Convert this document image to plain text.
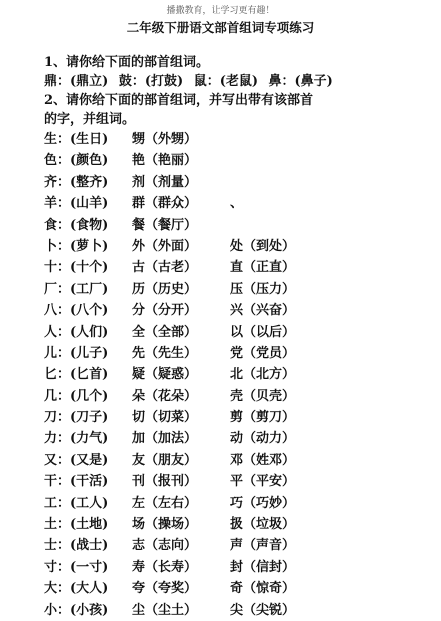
播撒教育，让学习更有趣！
二年级下册语文部首组词专项练习
1、请你给下面的部首组词。
鼎：(鼎立) 鼓：(打鼓) 鼠：(老鼠) 鼻：(鼻子)
2、请你给下面的部首组词，并写出带有该部首
的字，并组词。
生：(生日) 甥（外甥）
色：(颜色) 艳（艳丽）
齐：(整齐) 剂（剂量）
羊：(山羊) 群（群众）	、
食：(食物) 餐（餐厅）
卜：(萝卜) 外（外面）	处（到处）
十：(十个) 古（古老）	直（正直）
厂：(工厂) 历（历史）	压（压力）
八：(八个) 分（分开）	兴（兴奋）
人：(人们) 全（全部）	以（以后）
儿：(儿子) 先（先生）	党（党员）
匕：(匕首) 疑（疑惑）	北（北方）
几：(几个) 朵（花朵）	壳（贝壳）
刀：(刀子) 切（切菜）	剪（剪刀）
力：(力气) 加（加法）	动（动力）
又：(又是) 友（朋友）	邓（姓邓）
干：(干活) 刊（报刊）	平（平安）
工：(工人) 左（左右）	巧（巧妙）
土：(土地) 场（操场）	扱（垃圾）
士：(战士) 志（志向）	声（声音）
寸：(一寸) 寿（长寿）	封（信封）
大：(大人) 夸（夸奖）	奇（惊奇）
小：(小孩) 尘（尘土）	尖（尖锐）
